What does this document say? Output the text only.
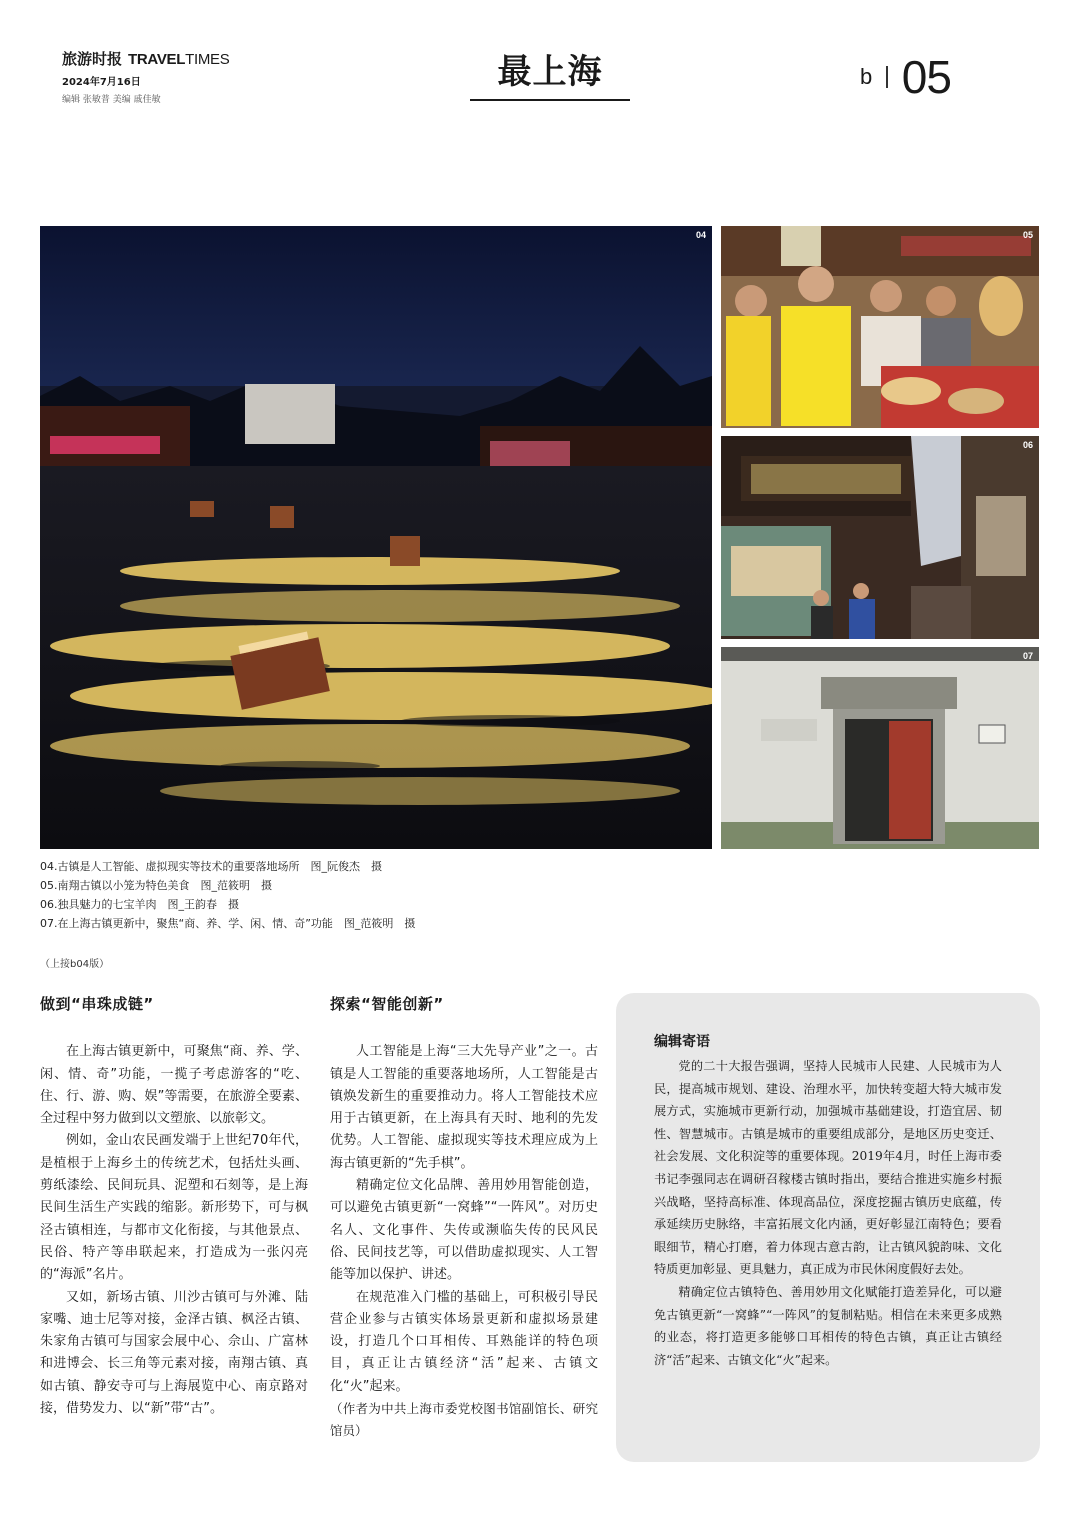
旅游时报 TRAVELTIMES
2024年7月16日
编辑 张敏普 美编 戚佳敏
最上海	b 05
04	05
06
07
04.古镇是人工智能、虚拟现实等技术的重要落地场所　图_阮俊杰　摄
05.南翔古镇以小笼为特色美食　图_范筱明　摄
06.独具魅力的七宝羊肉　图_王韵春　摄
07.在上海古镇更新中，聚焦“商、养、学、闲、情、奇”功能　图_范筱明　摄
（上接b04版）
做到“串珠成链”

在上海古镇更新中，可聚焦“商、养、学、闲、情、奇”功能，一揽子考虑游客的“吃、住、行、游、购、娱”等需要，在旅游全要素、全过程中努力做到以文塑旅、以旅彰文。

例如，金山农民画发端于上世纪70年代，是植根于上海乡土的传统艺术，包括灶头画、剪纸漆绘、民间玩具、泥塑和石刻等，是上海民间生活生产实践的缩影。新形势下，可与枫泾古镇相连，与都市文化衔接，与其他景点、民俗、特产等串联起来，打造成为一张闪亮的“海派”名片。

又如，新场古镇、川沙古镇可与外滩、陆家嘴、迪士尼等对接，金泽古镇、枫泾古镇、朱家角古镇可与国家会展中心、佘山、广富林和进博会、长三角等元素对接，南翔古镇、真如古镇、静安寺可与上海展览中心、南京路对接，借势发力、以“新”带“古”。

探索“智能创新”

人工智能是上海“三大先导产业”之一。古镇是人工智能的重要落地场所，人工智能是古镇焕发新生的重要推动力。将人工智能技术应用于古镇更新，在上海具有天时、地利的先发优势。人工智能、虚拟现实等技术理应成为上海古镇更新的“先手棋”。

精确定位文化品牌、善用妙用智能创造，可以避免古镇更新“一窝蜂”“一阵风”。对历史名人、文化事件、失传或濒临失传的民风民俗、民间技艺等，可以借助虚拟现实、人工智能等加以保护、讲述。

在规范准入门槛的基础上，可积极引导民营企业参与古镇实体场景更新和虚拟场景建设，打造几个口耳相传、耳熟能详的特色项目，真正让古镇经济“活”起来、古镇文化“火”起来。

（作者为中共上海市委党校图书馆副馆长、研究馆员）

编辑寄语

党的二十大报告强调，坚持人民城市人民建、人民城市为人民，提高城市规划、建设、治理水平，加快转变超大特大城市发展方式，实施城市更新行动，加强城市基础建设，打造宜居、韧性、智慧城市。古镇是城市的重要组成部分，是地区历史变迁、社会发展、文化积淀等的重要体现。2019年4月，时任上海市委书记李强同志在调研召稼楼古镇时指出，要结合推进实施乡村振兴战略，坚持高标准、体现高品位，深度挖掘古镇历史底蕴，传承延续历史脉络，丰富拓展文化内涵，更好彰显江南特色；要看眼细节，精心打磨，着力体现古意古韵，让古镇风貌韵味、文化特质更加彰显、更具魅力，真正成为市民休闲度假好去处。

精确定位古镇特色、善用妙用文化赋能打造差异化，可以避免古镇更新“一窝蜂”“一阵风”的复制粘贴。相信在未来更多成熟的业态，将打造更多能够口耳相传的特色古镇，真正让古镇经济“活”起来、古镇文化“火”起来。
